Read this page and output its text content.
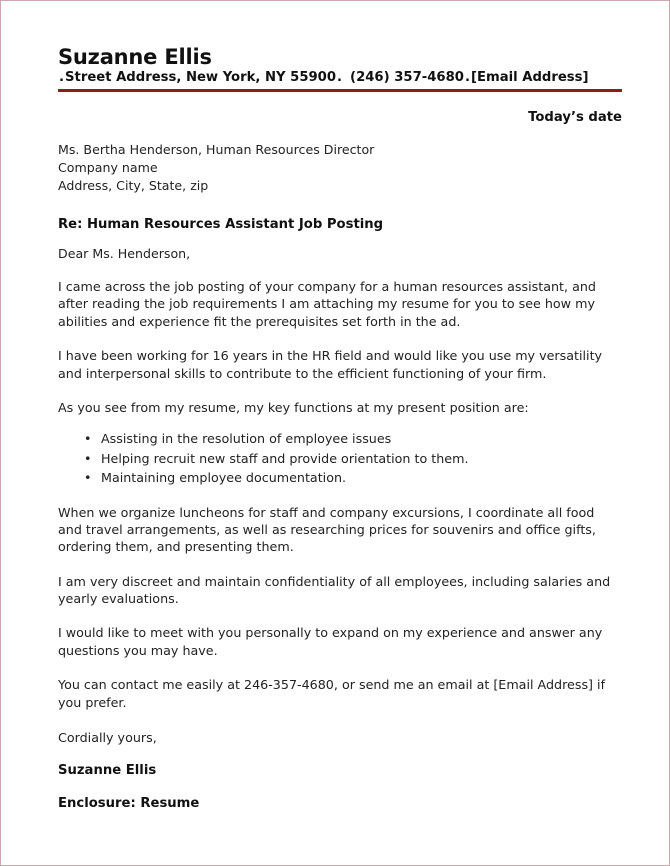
Suzanne Ellis
.Street Address, New York, NY 55900. (246) 357-4680.[Email Address]
Today’s date
Ms. Bertha Henderson, Human Resources Director
Company name
Address, City, State, zip
Re: Human Resources Assistant Job Posting
Dear Ms. Henderson,

I came across the job posting of your company for a human resources assistant, and after reading the job requirements I am attaching my resume for you to see how my abilities and experience fit the prerequisites set forth in the ad.

I have been working for 16 years in the HR field and would like you use my versatility and interpersonal skills to contribute to the efficient functioning of your firm.

As you see from my resume, my key functions at my present position are:

• Assisting in the resolution of employee issues
• Helping recruit new staff and provide orientation to them.
• Maintaining employee documentation.

When we organize luncheons for staff and company excursions, I coordinate all food and travel arrangements, as well as researching prices for souvenirs and office gifts, ordering them, and presenting them.

I am very discreet and maintain confidentiality of all employees, including salaries and yearly evaluations.

I would like to meet with you personally to expand on my experience and answer any questions you may have.

You can contact me easily at 246-357-4680, or send me an email at [Email Address] if you prefer.

Cordially yours,
Suzanne Ellis
Enclosure: Resume
